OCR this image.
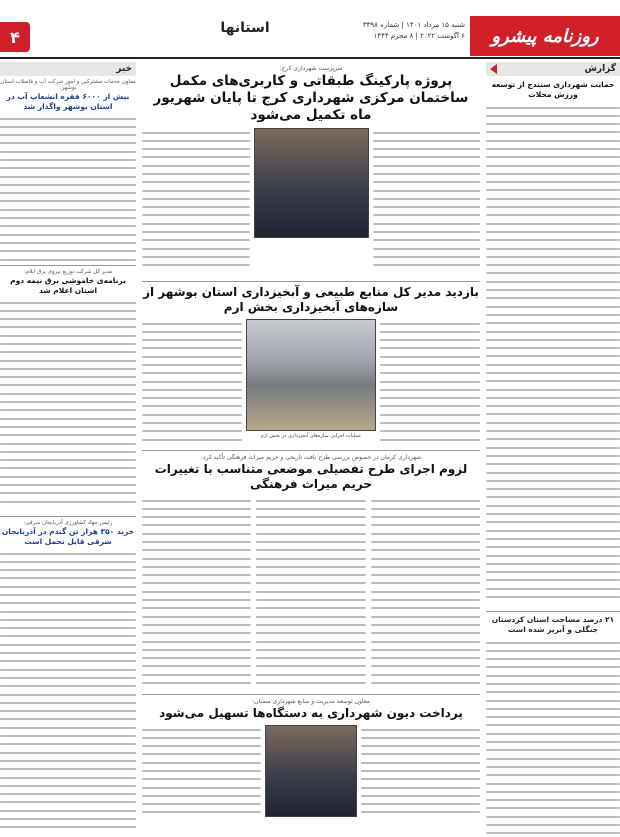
۴	استانها	شنبه ۱۵ مرداد ۱۴۰۱ | شماره ۳۳۹۸
۶ آگوست ۲۰۲۲ | ۸ محرم ۱۴۴۴ روزنامه پیشرو
گزارش
حمایت شهرداری سنندج از توسعه ورزش محلات
۲۱ درصد مساحت استان کردستان جنگلی و آبریز شده است
خبر
معاون خدمات مشترکین و امور شرکت آب و فاضلاب استان بوشهر:
بیش از ۶۰۰۰ فقره انشعاب آب در استان بوشهر واگذار شد
مدیر کل شرکت توزیع نیروی برق ایلام:
برنامه‌ی خاموشی برق نیمه دوم استان اعلام شد
رئیس جهاد کشاورزی آذربایجان شرقی:
خرید ۳۵۰ هزار تن گندم در آذربایجان شرقی قابل تحمل است
سرپرست شهرداری کرج:
پروژه پارکینگ طبقاتی و کاربری‌های مکمل ساختمان مرکزی شهرداری کرج تا پایان شهریور ماه تکمیل می‌شود
بازدید مدیر کل منابع طبیعی و آبخیزداری استان بوشهر از سازه‌های آبخیزداری بخش ارم
عملیات اجرایی سازه‌های آبخیزداری در بخش ارم
شهرداری کرمان در خصوص بررسی طرح بافت تاریخی و حریم میراث فرهنگی تأکید کرد:
لزوم اجرای طرح تفصیلی موضعی متناسب با تغییرات حریم میراث فرهنگی
معاون توسعه مدیریت و منابع شهرداری سمنان:
پرداخت دیون شهرداری به دستگاه‌ها تسهیل می‌شود
